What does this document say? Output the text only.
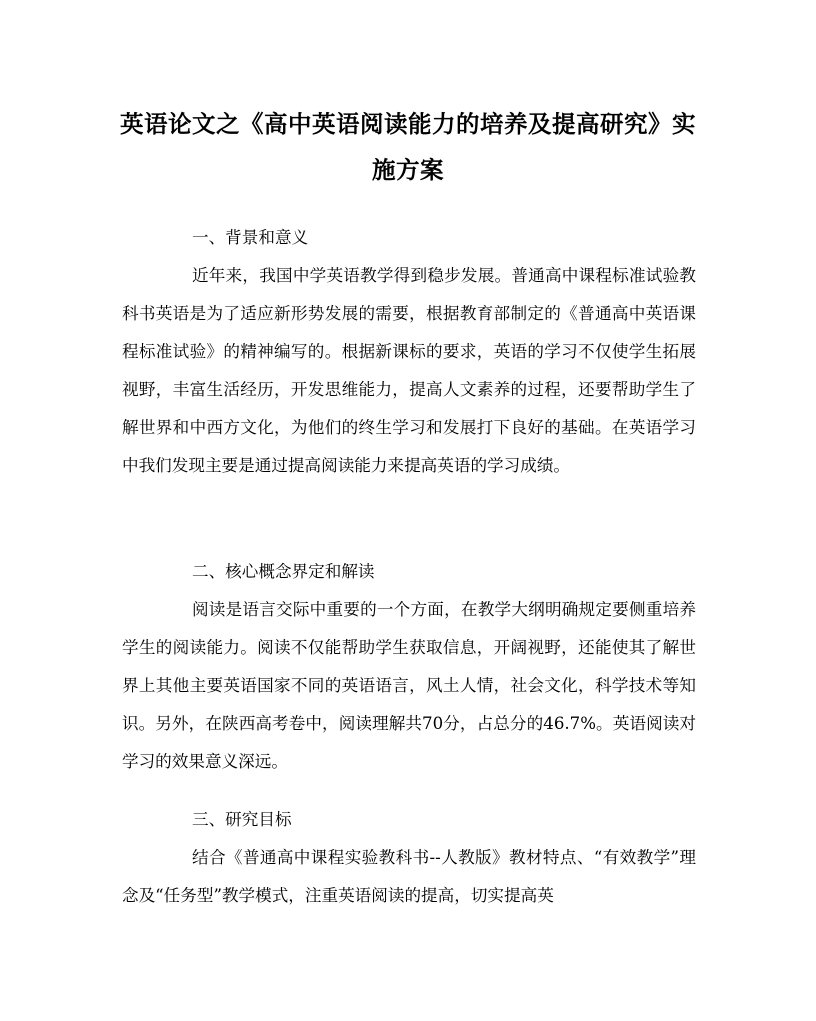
英语论文之《高中英语阅读能力的培养及提高研究》实施方案
一、背景和意义
近年来，我国中学英语教学得到稳步发展。普通高中课程标准试验教科书英语是为了适应新形势发展的需要，根据教育部制定的《普通高中英语课程标准试验》的精神编写的。根据新课标的要求，英语的学习不仅使学生拓展视野，丰富生活经历，开发思维能力，提高人文素养的过程，还要帮助学生了解世界和中西方文化，为他们的终生学习和发展打下良好的基础。在英语学习中我们发现主要是通过提高阅读能力来提高英语的学习成绩。
二、核心概念界定和解读
阅读是语言交际中重要的一个方面，在教学大纲明确规定要侧重培养学生的阅读能力。阅读不仅能帮助学生获取信息，开阔视野，还能使其了解世界上其他主要英语国家不同的英语语言，风土人情，社会文化，科学技术等知识。另外，在陕西高考卷中，阅读理解共70分，占总分的46.7%。英语阅读对学习的效果意义深远。
三、研究目标
结合《普通高中课程实验教科书--人教版》教材特点、“有效教学”理念及“任务型”教学模式，注重英语阅读的提高，切实提高英
